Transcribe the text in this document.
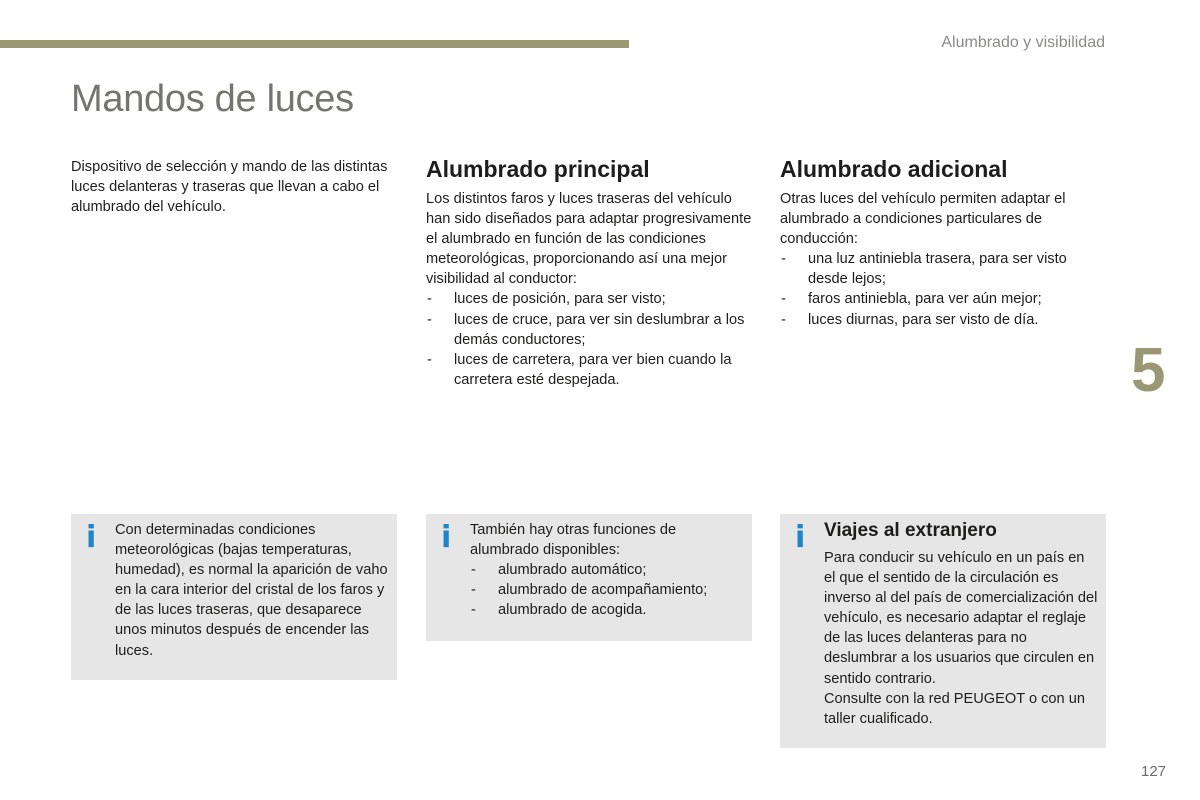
Alumbrado y visibilidad
Mandos de luces
5

Dispositivo de selección y mando de las distintas luces delanteras y traseras que llevan a cabo el alumbrado del vehículo.

Alumbrado principal

Los distintos faros y luces traseras del vehículo han sido diseñados para adaptar progresivamente el alumbrado en función de las condiciones meteorológicas, proporcionando así una mejor visibilidad al conductor:

- luces de posición, para ser visto;
- luces de cruce, para ver sin deslumbrar a los demás conductores;
- luces de carretera, para ver bien cuando la carretera esté despejada.
Alumbrado adicional

Otras luces del vehículo permiten adaptar el alumbrado a condiciones particulares de conducción:

- una luz antiniebla trasera, para ser visto desde lejos;
- faros antiniebla, para ver aún mejor;
- luces diurnas, para ser visto de día.
i Con determinadas condiciones meteorológicas (bajas temperaturas, humedad), es normal la aparición de vaho en la cara interior del cristal de los faros y de las luces traseras, que desaparece unos minutos después de encender las luces.

i También hay otras funciones de alumbrado disponibles:

- alumbrado automático;
- alumbrado de acompañamiento;
- alumbrado de acogida.
i Viajes al extranjero

Para conducir su vehículo en un país en el que el sentido de la circulación es inverso al del país de comercialización del vehículo, es necesario adaptar el reglaje de las luces delanteras para no deslumbrar a los usuarios que circulen en sentido contrario.

Consulte con la red PEUGEOT o con un taller cualificado.

127
